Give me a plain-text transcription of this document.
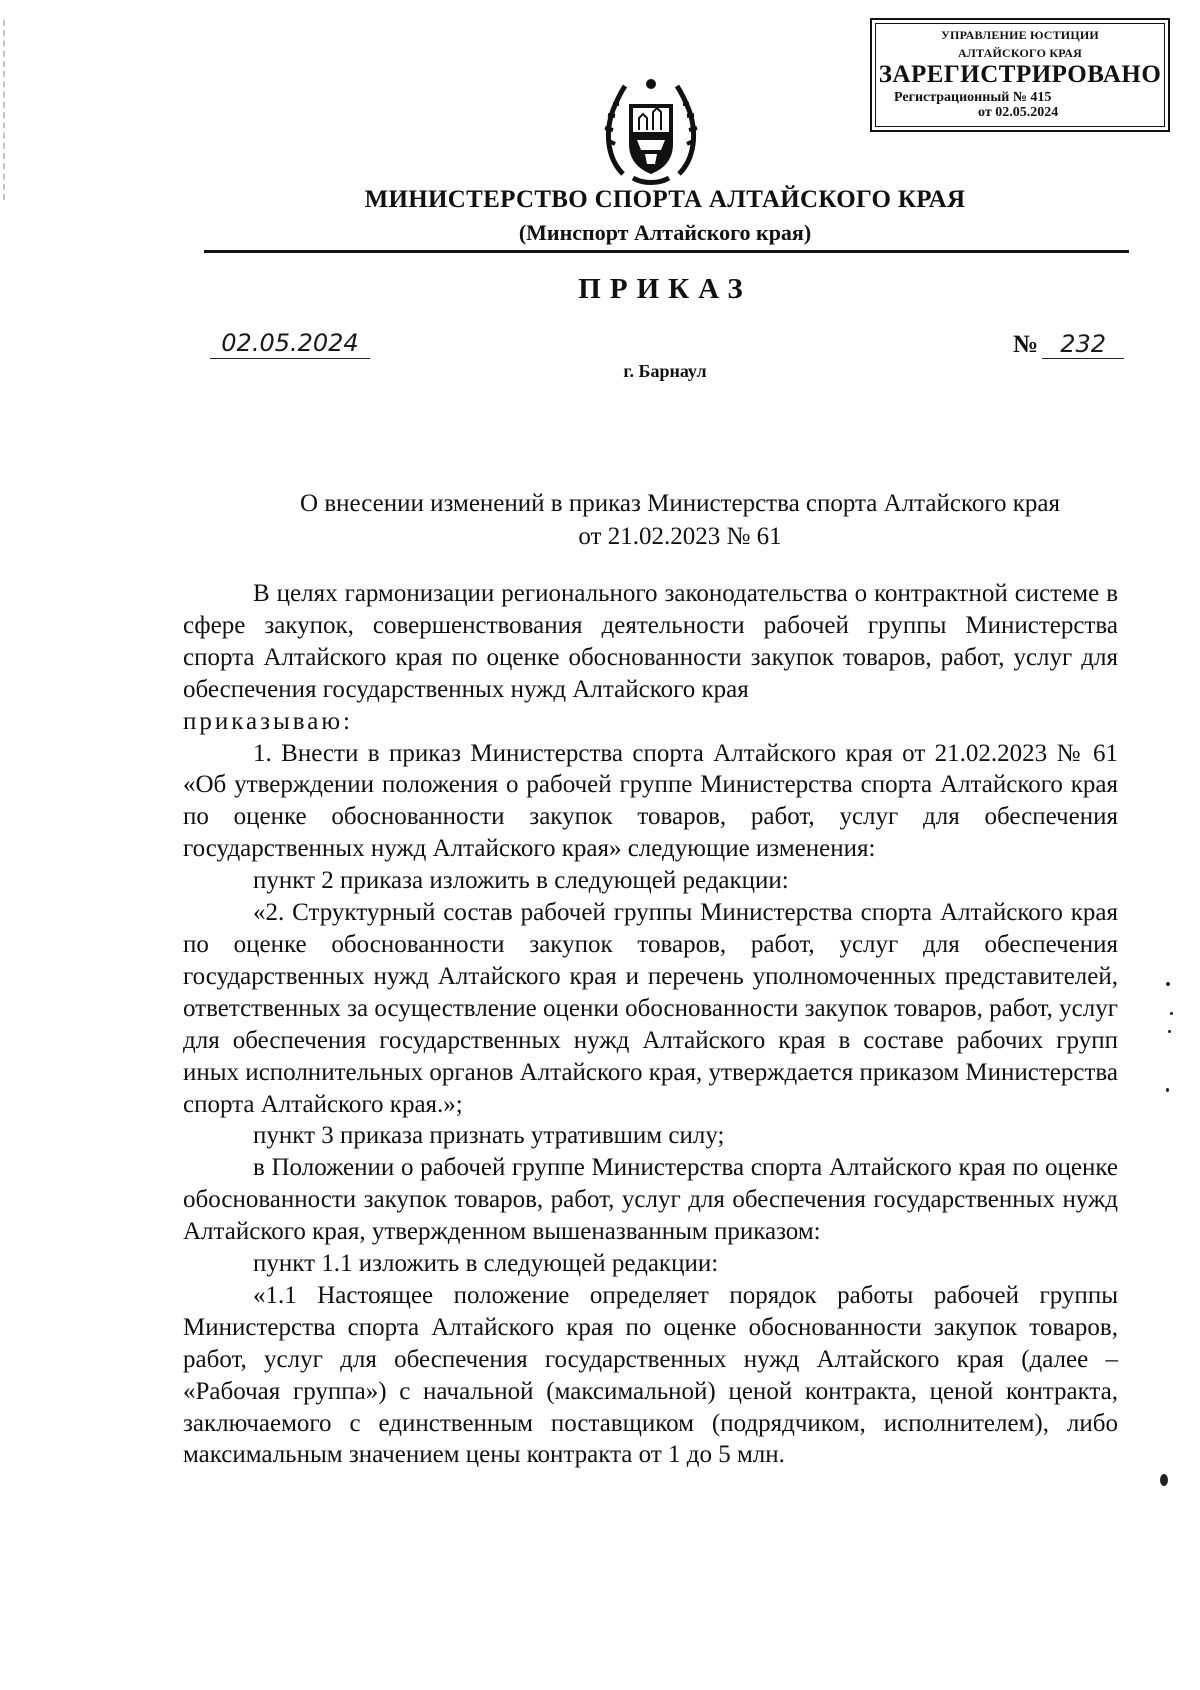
УПРАВЛЕНИЕ ЮСТИЦИИ
АЛТАЙСКОГО КРАЯ
ЗАРЕГИСТРИРОВАНО
Регистрационный № 415
от 02.05.2024
МИНИСТЕРСТВО СПОРТА АЛТАЙСКОГО КРАЯ
(Минспорт Алтайского края)
ПРИКАЗ
02.05.2024	№ 232
г. Барнаул
О внесении изменений в приказ Министерства спорта Алтайского края
от 21.02.2023 № 61

В целях гармонизации регионального законодательства о контрактной системе в сфере закупок, совершенствования деятельности рабочей группы Министерства спорта Алтайского края по оценке обоснованности закупок товаров, работ, услуг для обеспечения государственных нужд Алтайского края

приказываю:

1. Внести в приказ Министерства спорта Алтайского края от 21.02.2023 № 61 «Об утверждении положения о рабочей группе Министерства спорта Алтайского края по оценке обоснованности закупок товаров, работ, услуг для обеспечения государственных нужд Алтайского края» следующие изменения:

пункт 2 приказа изложить в следующей редакции:

«2. Структурный состав рабочей группы Министерства спорта Алтайского края по оценке обоснованности закупок товаров, работ, услуг для обеспечения государственных нужд Алтайского края и перечень уполномоченных представителей, ответственных за осуществление оценки обоснованности закупок товаров, работ, услуг для обеспечения государственных нужд Алтайского края в составе рабочих групп иных исполнительных органов Алтайского края, утверждается приказом Министерства спорта Алтайского края.»;

пункт 3 приказа признать утратившим силу;

в Положении о рабочей группе Министерства спорта Алтайского края по оценке обоснованности закупок товаров, работ, услуг для обеспечения государственных нужд Алтайского края, утвержденном вышеназванным приказом:

пункт 1.1 изложить в следующей редакции:

«1.1 Настоящее положение определяет порядок работы рабочей группы Министерства спорта Алтайского края по оценке обоснованности закупок товаров, работ, услуг для обеспечения государственных нужд Алтайского края (далее – «Рабочая группа») с начальной (максимальной) ценой контракта, ценой контракта, заключаемого с единственным поставщиком (подрядчиком, исполнителем), либо максимальным значением цены контракта от 1 до 5 млн.
